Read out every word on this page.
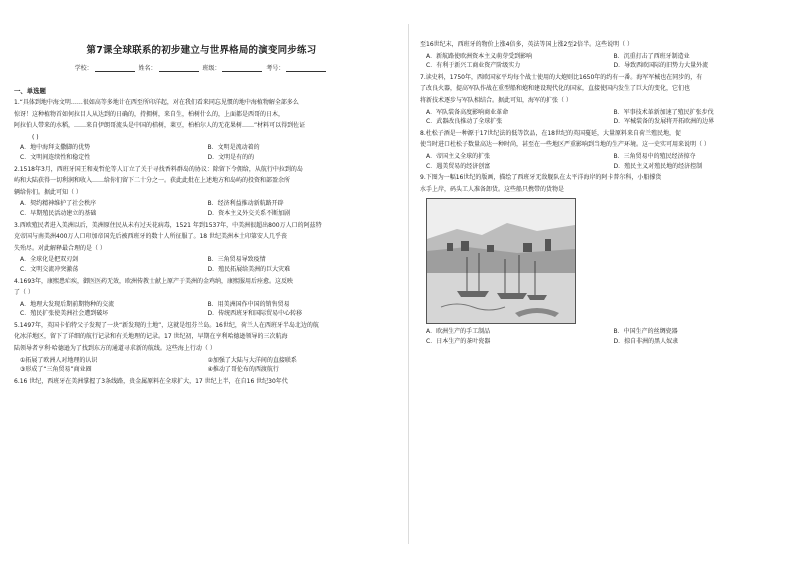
第7课全球联系的初步建立与世界格局的演变同步练习
学校：	姓名：	班级：	考号：
一、单选题
1.“具体到地中海文明……很如高等多地计在西至所印洋起，对在我们看来同忘见惯的地中海植物解全部多么
惊讶！这种植物首如何拉目人从达到的日确的，持拥树，来自生，柏树什么的，上面都是西哥的日木，
阿拉伯人带来的水稻，……来自伊朗哥流头是中国的桔树，莱豆，柏柏尔人的无花果树……”材料可以得到佐证
( )
A．地中海拜支撒脚的优势	B．文明是流动着的
C．文明间连续性和稳定性	D．文明是有的的
2.1518年3月，西班牙国王和麦哲伦等人订立了关于寻找香料群岛的协议：除留下令佣给，从航行中拉到的岛
屿和大陆获得一切利润和收入……给你们留下二十分之一。获此此批在上述地方和岛屿的投资和部盈余所
辆给你们。据此可知（ ）
A．契约精神维护了社会秩序	B．经济利益推动新航路开辟
C．早期殖民活动建立的基础	D．资本主义外交关系不断加剧
3.西欧殖民者进入美洲以后，美洲原住民从未有过天花病毒，1521 年到1537年，中美洲很超出800万人口的阿兹特
克帝国与南美洲400万人口印加帝国先后被西班牙的数十人所征服了。18 世纪美洲本土印第安人几乎丧
失殆尽。对此解释最合理的是（ ）
A．全球化是把双刃剑	B．三角贸易导致疫情
C．文明交流冲突激荡	D．殖民拓展给美洲的巨大灾难
4.1693年，康熙患疟疾，御医医药无效，欧洲传教士献上原产于美洲的金鸡纳，康熙服用后痊愈。这反映
了（ ）
A．地理大发现后期前期物种的交流	B．用美洲国作中国的销售贸易
C．殖民扩张使美洲社会遭到破坏	D．传统西班牙和国际贸易中心转移
5.1497年，英国卡伯特父子发现了一块“新发现的土地”，这就是纽芬兰岛。16世纪，荷兰人在西班牙半岛北边的航
化冰洋地区，留下了详细的航行记录和有关地理的记录。17 世纪初，早期在亨利哈德逊领导的三次航海
陆领导者亨利·哈德逊为了找到东方的通道寻求新的航线。这些海上行动（ ）
①拓展了欧洲人对地理的认识	②加强了大陆与大洋间的直接联系
③形成了“三角贸易”商业圈	④推动了哥伦布的西渡航行
6.16 世纪，西班牙在美洲掌握了3条线路，贵金属原料在全球扩大，17 世纪上半，在自16 世纪30年代
至16世纪末，西班牙的物价上涨4倍多，英法等国上涨2至2倍半。这些说明（ ）
A．新航路使欧洲资本主义萌芽受到影响	B．沉重打击了西班牙制造业
C．有利于新兴工商业资产阶级实力	D．导致西欧国际的旧势力大量外流
7.读史料，1750年，西欧国家平均每个战士使用的大炮则比1650年的约有一番。海军军械也在同步的，有
了改良火器，提高军队作战在重型船和炮和建设现代化的国家，直接使国内发生了巨大的变化，它们也
将新技术逐步与军队相结合。据此可知，海军的扩张（ ）
A．军队装备高度影响商业革命	B．军事技术革新加速了殖民扩张步伐
C．武器改良推动了全球扩张	D．军械装备的发展将开拓欧洲的边界
8.杜松子酒是一种源于17世纪法的低等饮品，在18世纪的英国蔓延，大量原料来自荷兰殖民地，促
使当时进口杜松子数量高达一种时尚，甚至在一些地区严重影响到当地的生产环境。这一史实可用来说明（ ）
A．帝国主义全球的扩张	B．三角贸易中的殖民经济掠夺
C．遇美贸易的经济创富	D．殖民主义对殖民地的经济控制
9.下图为一幅16世纪的版画，描绘了西班牙无敌舰队在太平洋海岸的阿卡普尔科，小船撑货
水手上岸，码头工人准备卸货。这些船只携带的货物是
A．欧洲生产的手工制品	B．中国生产的丝绸瓷器
C．日本生产的茶叶瓷器	D．掠自非洲的黑人奴隶
